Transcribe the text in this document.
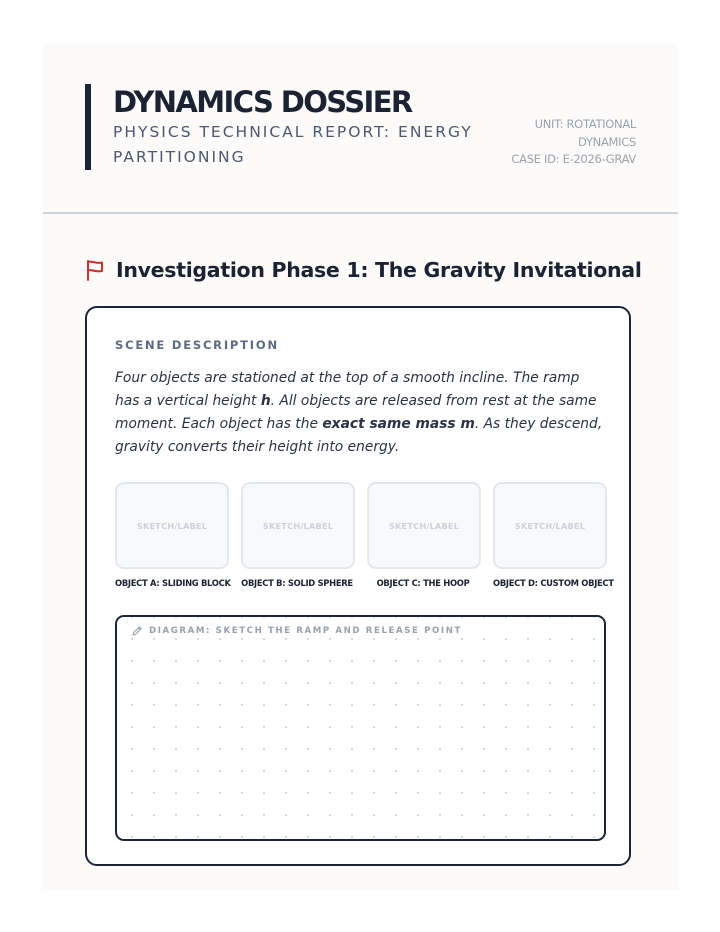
DYNAMICS DOSSIER

PHYSICS TECHNICAL REPORT: ENERGY PARTITIONING

UNIT: ROTATIONAL DYNAMICS
CASE ID: E-2026-GRAV
Investigation Phase 1: The Gravity Invitational
SCENE DESCRIPTION

Four objects are stationed at the top of a smooth incline. The ramp has a vertical height h. All objects are released from rest at the same moment. Each object has the exact same mass m. As they descend, gravity converts their height into energy.

SKETCH/LABEL
OBJECT A: SLIDING BLOCK
SKETCH/LABEL
OBJECT B: SOLID SPHERE
SKETCH/LABEL
OBJECT C: THE HOOP
SKETCH/LABEL
OBJECT D: CUSTOM OBJECT
DIAGRAM: SKETCH THE RAMP AND RELEASE POINT
